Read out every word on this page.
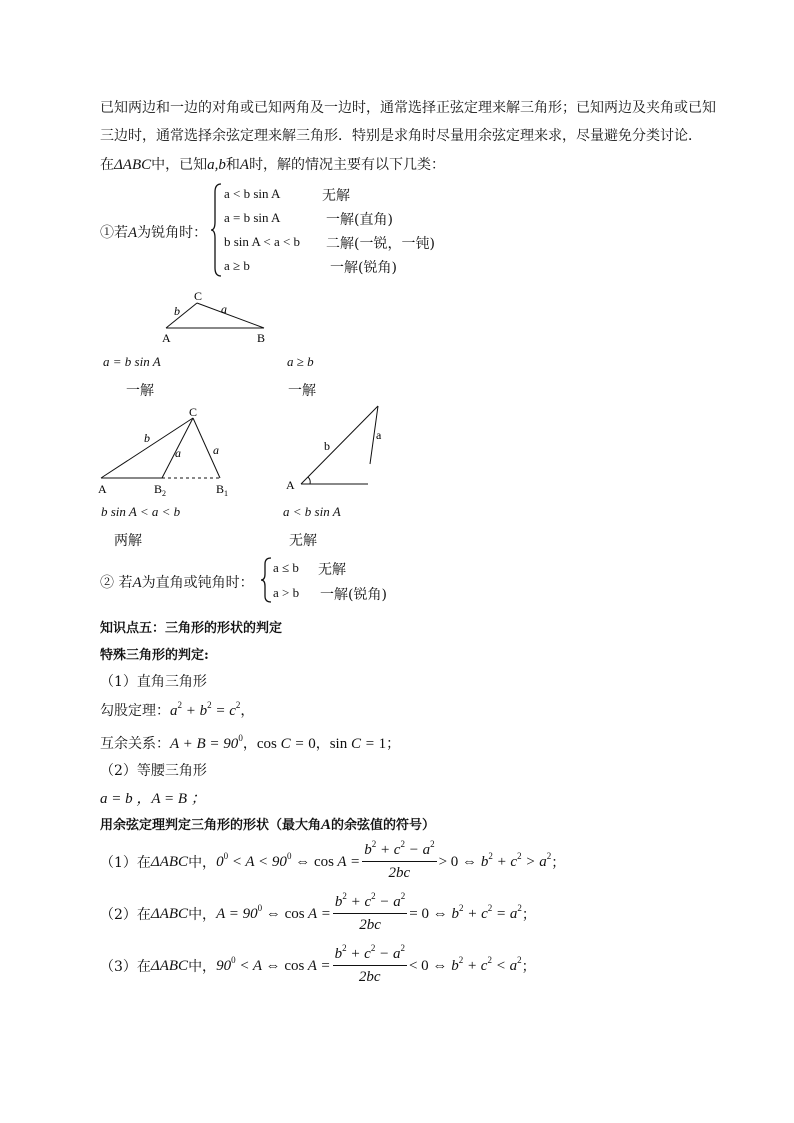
已知两边和一边的对角或已知两角及一边时，通常选择正弦定理来解三角形；已知两边及夹角或已知
三边时，通常选择余弦定理来解三角形．特别是求角时尽量用余弦定理来求，尽量避免分类讨论．
在ΔABC中，已知a,b和A时，解的情况主要有以下几类：
①若A为锐角时：
a < b sin A	无解
a = b sin A	一解(直角)
b sin A < a < b 二解(一锐，一钝)
a ≥ b	一解(锐角)
C
A	B
b	a
a = b sin A
一解
a ≥ b
一解
C
A	$B_2$	$B_1$
b
a	a
b sin A < a < b
两解
A
b
a
a < b sin A
无解
② 若A为直角或钝角时：
a ≤ b 无解
a > b 一解(锐角)
知识点五：三角形的形状的判定
特殊三角形的判定:
（1）直角三角形
勾股定理：$a^2 + b^2 = c^2$，
互余关系：$A + B = 90^0$，cos C = 0，sin C = 1；
（2）等腰三角形
a = b ，A = B ；
用余弦定理判定三角形的形状（最大角A的余弦值的符号）
（1） 在 ΔABC 中， $0^0 < A < 90^0$ ⇔ $\cos A = \frac{b^2 + c^2 - a^2}{2bc} > 0$ ⇔ $b^2 + c^2 > a^2$ ；
（2） 在 ΔABC 中， $A = 90^0$ ⇔ $\cos A = \frac{b^2 + c^2 - a^2}{2bc} = 0$ ⇔ $b^2 + c^2 = a^2$ ；
（3） 在 ΔABC 中， $90^0 < A$ ⇔ $\cos A = \frac{b^2 + c^2 - a^2}{2bc} < 0$ ⇔ $b^2 + c^2 < a^2$ ；
